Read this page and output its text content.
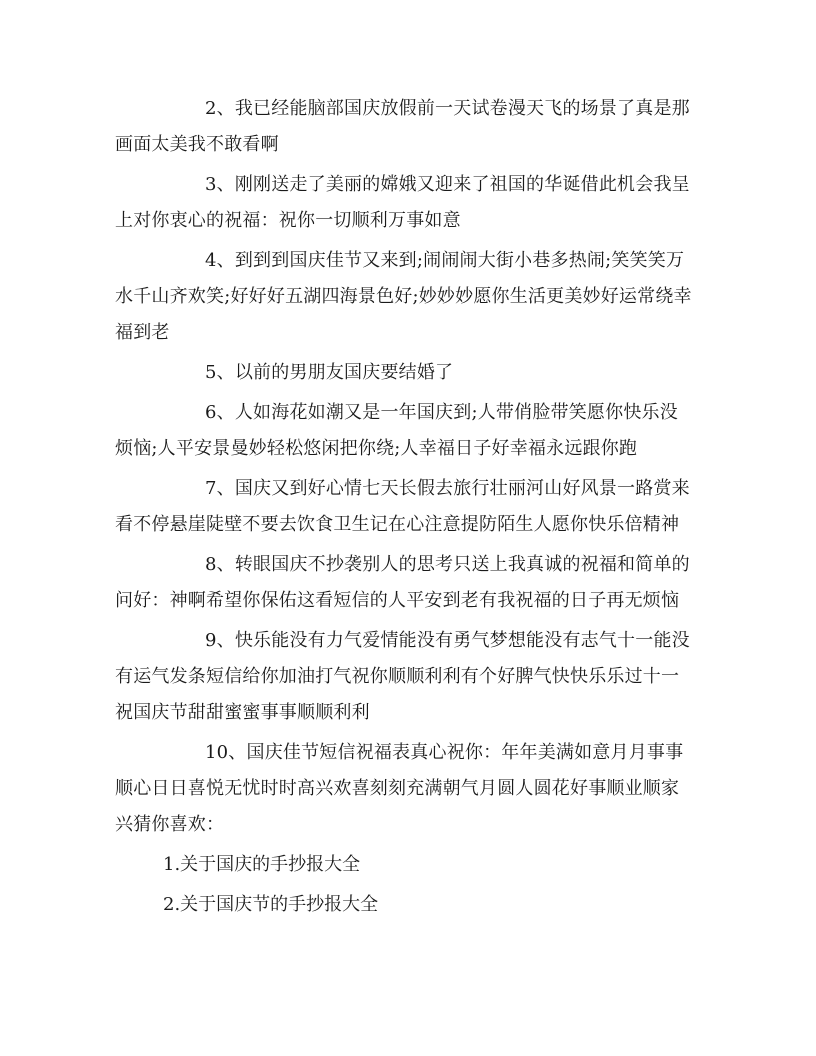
2、我已经能脑部国庆放假前一天试卷漫天飞的场景了真是那画面太美我不敢看啊

3、刚刚送走了美丽的嫦娥又迎来了祖国的华诞借此机会我呈上对你衷心的祝福：祝你一切顺利万事如意

4、到到到国庆佳节又来到;闹闹闹大街小巷多热闹;笑笑笑万水千山齐欢笑;好好好五湖四海景色好;妙妙妙愿你生活更美妙好运常绕幸福到老

5、以前的男朋友国庆要结婚了

6、人如海花如潮又是一年国庆到;人带俏脸带笑愿你快乐没烦恼;人平安景曼妙轻松悠闲把你绕;人幸福日子好幸福永远跟你跑

7、国庆又到好心情七天长假去旅行壮丽河山好风景一路赏来看不停悬崖陡壁不要去饮食卫生记在心注意提防陌生人愿你快乐倍精神

8、转眼国庆不抄袭别人的思考只送上我真诚的祝福和简单的问好：神啊希望你保佑这看短信的人平安到老有我祝福的日子再无烦恼

9、快乐能没有力气爱情能没有勇气梦想能没有志气十一能没有运气发条短信给你加油打气祝你顺顺利利有个好脾气快快乐乐过十一祝国庆节甜甜蜜蜜事事顺顺利利

10、国庆佳节短信祝福表真心祝你：年年美满如意月月事事顺心日日喜悦无忧时时高兴欢喜刻刻充满朝气月圆人圆花好事顺业顺家兴猜你喜欢：

1.关于国庆的手抄报大全
2.关于国庆节的手抄报大全
